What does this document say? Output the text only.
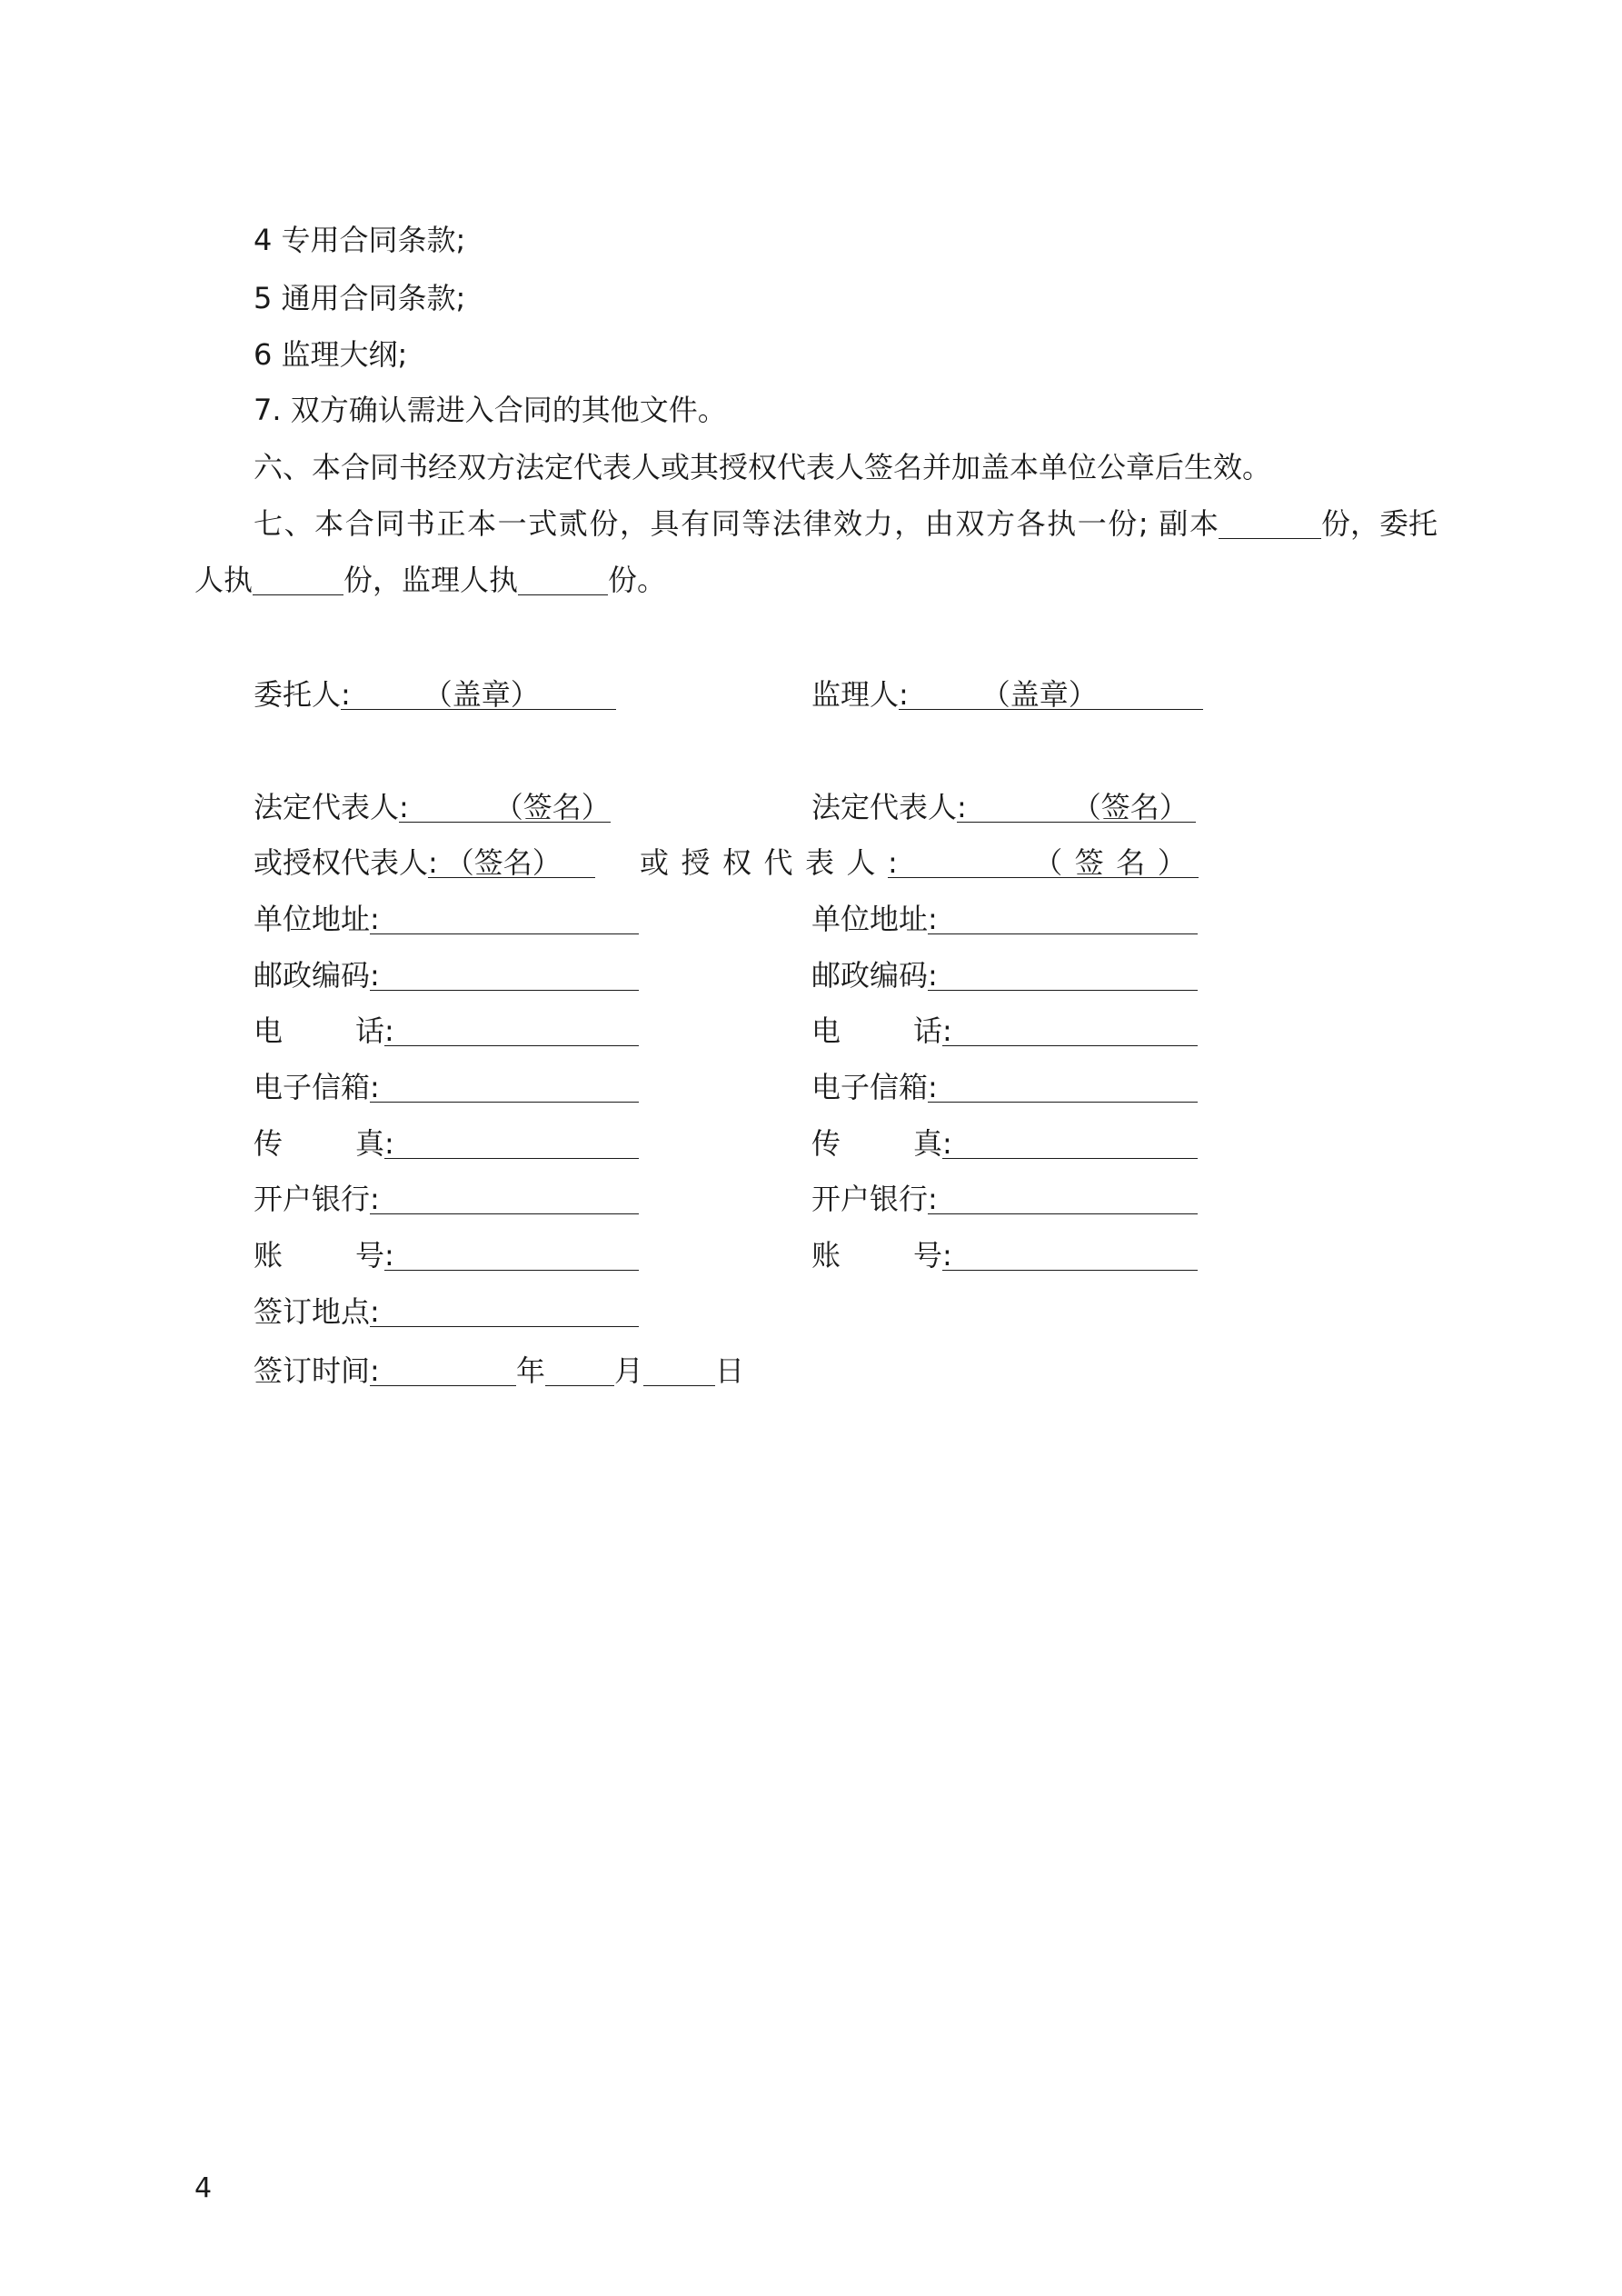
4 专用合同条款;
5 通用合同条款;
6 监理大纲;
7. 双方确认需进入合同的其他文件。
六、本合同书经双方法定代表人或其授权代表人签名并加盖本单位公章后生效。
七、本合同书正本一式贰份，具有同等法律效力，由双方各执一份; 副本	份，委托
人执	份，监理人执	份。
委托人 :	（盖章）	监理人 :	（盖章）
法定代表人 :	（签名）	法定代表人 :	（签名）
或授权代表人 : （签名）	或授权代表人 :	（签名）
单位地址 :	单位地址 :
邮政编码 :	邮政编码 :
电话 :	电话 :
电子信箱 :	电子信箱 :
传真 :	传真 :
开户银行 :	开户银行 :
账号 :	账号 :
签订地点 :
签订时间 :	年 月 日
4
